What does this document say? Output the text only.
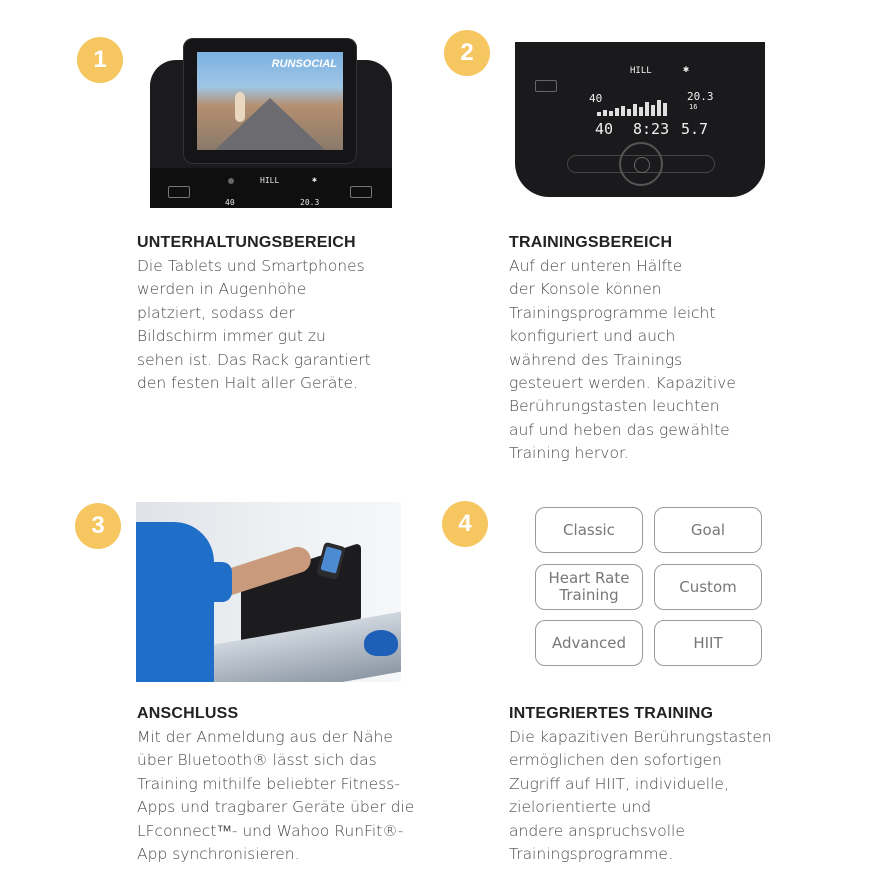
1
HILL	✱
40	20.3
RUNSOCIAL
UNTERHALTUNGSBEREICH
Die Tablets und Smartphones
werden in Augenhöhe
platziert, sodass der
Bildschirm immer gut zu
sehen ist. Das Rack garantiert
den festen Halt aller Geräte.
2
HILL	✱
40	20.3
16
40 8:23 5.7
TRAININGSBEREICH
Auf der unteren Hälfte
der Konsole können
Trainingsprogramme leicht
konfiguriert und auch
während des Trainings
gesteuert werden. Kapazitive
Berührungstasten leuchten
auf und heben das gewählte
Training hervor.
3
ANSCHLUSS
Mit der Anmeldung aus der Nähe
über Bluetooth® lässt sich das
Training mithilfe beliebter Fitness-
Apps und tragbarer Geräte über die
LFconnect™- und Wahoo RunFit®-
App synchronisieren.
4	Classic	Goal
Heart Rate
Training	Custom
Advanced	HIIT
INTEGRIERTES TRAINING
Die kapazitiven Berührungstasten
ermöglichen den sofortigen
Zugriff auf HIIT, individuelle,
zielorientierte und
andere anspruchsvolle
Trainingsprogramme.
